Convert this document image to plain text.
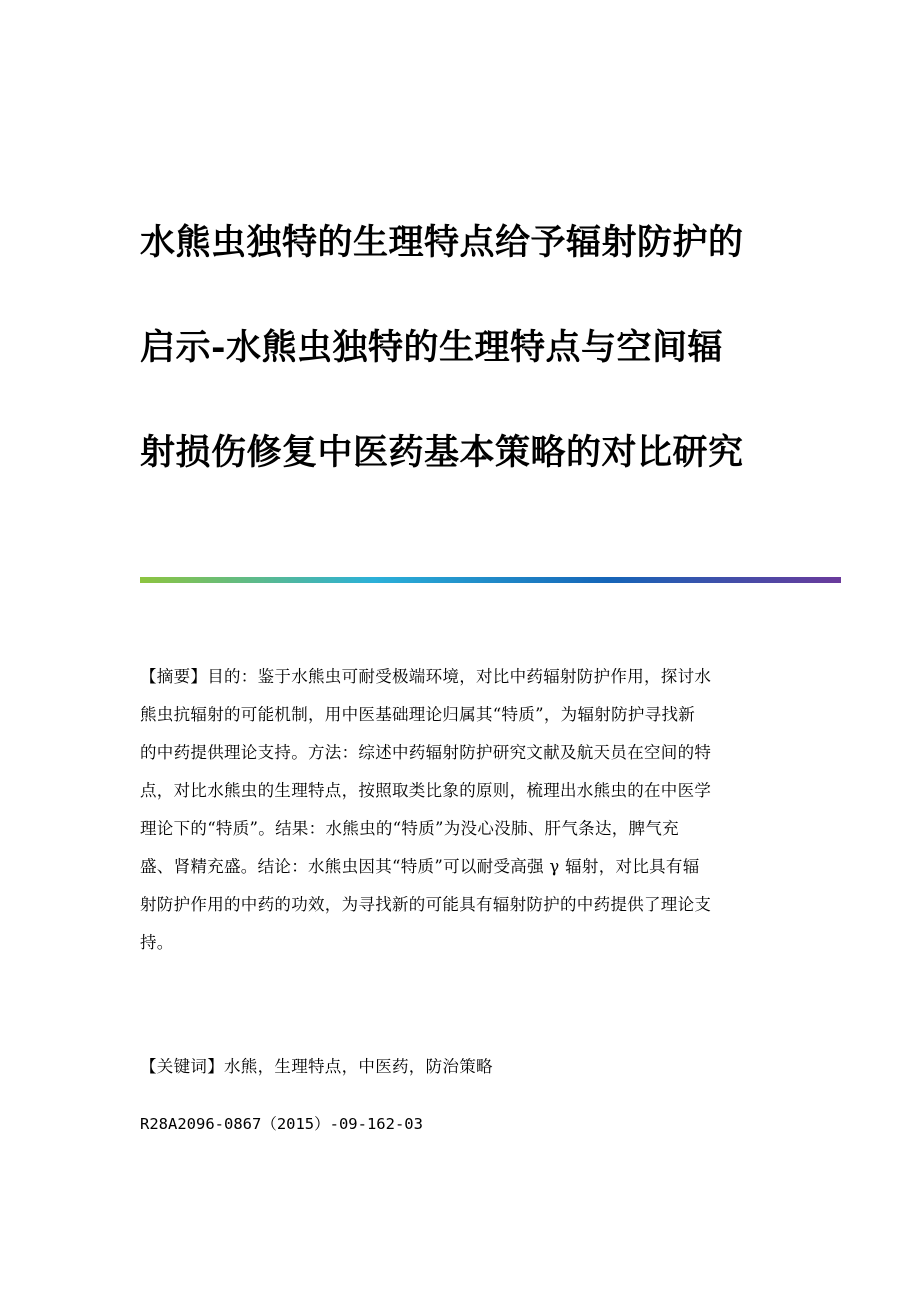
水熊虫独特的生理特点给予辐射防护的
启示-水熊虫独特的生理特点与空间辐
射损伤修复中医药基本策略的对比研究
【摘要】目的：鉴于水熊虫可耐受极端环境，对比中药辐射防护作用，探讨水
熊虫抗辐射的可能机制，用中医基础理论归属其“特质”，为辐射防护寻找新
的中药提供理论支持。方法：综述中药辐射防护研究文献及航天员在空间的特
点，对比水熊虫的生理特点，按照取类比象的原则，梳理出水熊虫的在中医学
理论下的“特质”。结果：水熊虫的“特质”为没心没肺、肝气条达，脾气充
盛、肾精充盛。结论：水熊虫因其“特质”可以耐受高强 γ 辐射，对比具有辐
射防护作用的中药的功效，为寻找新的可能具有辐射防护的中药提供了理论支
持。
【关键词】水熊，生理特点，中医药，防治策略
R28A2096-0867（2015）-09-162-03
